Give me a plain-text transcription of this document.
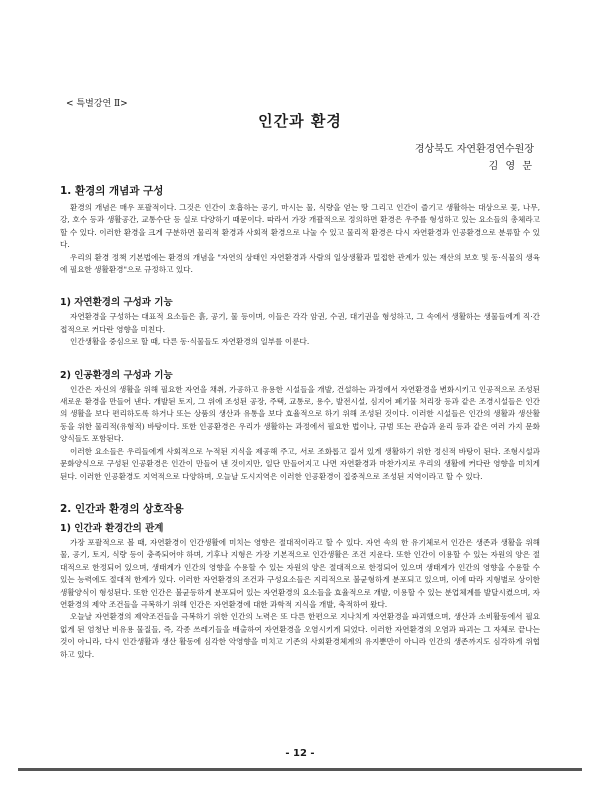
< 특별강연 Ⅱ>
인간과 환경
경상북도 자연환경연수원장
김 영 문
1. 환경의 개념과 구성

환경의 개념은 매우 포괄적이다. 그것은 인간이 호흡하는 공기, 마시는 물, 식량을 얻는 땅 그리고 인간이 즐기고 생활하는 대상으로 꽃, 나무, 강, 호수 등과 생활공간, 교통수단 등 실로 다양하기 때문이다. 따라서 가장 개괄적으로 정의하면 환경은 우주를 형성하고 있는 요소들의 총체라고 할 수 있다. 이러한 환경을 크게 구분하면 물리적 환경과 사회적 환경으로 나눌 수 있고 물리적 환경은 다시 자연환경과 인공환경으로 분류할 수 있다.

우리의 환경 정책 기본법에는 환경의 개념을 "자연의 상태인 자연환경과 사람의 일상생활과 밀접한 관계가 있는 재산의 보호 및 동·식물의 생육에 필요한 생활환경"으로 규정하고 있다.

1) 자연환경의 구성과 기능

자연환경을 구성하는 대표적 요소들은 흙, 공기, 물 등이며, 이들은 각각 암권, 수권, 대기권을 형성하고, 그 속에서 생활하는 생물들에게 직·간접적으로 커다란 영향을 미친다.

인간생활을 중심으로 할 때, 다른 동·식물들도 자연환경의 일부를 이룬다.

2) 인공환경의 구성과 기능

인간은 자신의 생활을 위해 필요한 자연을 채취, 가공하고 유용한 시설들을 개발, 건설하는 과정에서 자연환경을 변화시키고 인공적으로 조성된 새로운 환경을 만들어 낸다. 개발된 토지, 그 위에 조성된 공장, 주택, 교통로, 용수, 발전시설, 심지어 폐기물 처리장 등과 같은 조경시설들은 인간의 생활을 보다 편리하도록 하거나 또는 상품의 생산과 유통을 보다 효율적으로 하기 위해 조성된 것이다. 이러한 시설들은 인간의 생활과 생산활동을 위한 물리적(유형적) 바탕이다. 또한 인공환경은 우리가 생활하는 과정에서 필요한 법이나, 규범 또는 관습과 윤리 등과 같은 여러 가지 문화양식들도 포함된다.

이러한 요소들은 우리들에게 사회적으로 누적된 지식을 제공해 주고, 서로 조화롭고 질서 있게 생활하기 위한 정신적 바탕이 된다. 조형시설과 문화양식으로 구성된 인공환경은 인간이 만들어 낸 것이지만, 일단 만들어지고 나면 자연환경과 마찬가지로 우리의 생활에 커다란 영향을 미치게 된다. 이러한 인공환경도 지역적으로 다양하며, 오늘날 도시지역은 이러한 인공환경이 집중적으로 조성된 지역이라고 할 수 있다.

2. 인간과 환경의 상호작용
1) 인간과 환경간의 관계

가장 포괄적으로 볼 때, 자연환경이 인간생활에 미치는 영향은 절대적이라고 할 수 있다. 자연 속의 한 유기체로서 인간은 생존과 생활을 위해 물, 공기, 토지, 식량 등이 충족되어야 하며, 기후나 지형은 가장 기본적으로 인간생활은 조건 지운다. 또한 인간이 이용할 수 있는 자원의 양은 절대적으로 한정되어 있으며, 생태계가 인간의 영향을 수용할 수 있는 자원의 양은 절대적으로 한정되어 있으며 생태계가 인간의 영향을 수용할 수 있는 능력에도 절대적 한계가 있다. 이러한 자연환경의 조건과 구성요소들은 지리적으로 불균형하게 분포되고 있으며, 이에 따라 지형별로 상이한 생활양식이 형성된다. 또한 인간은 불균등하게 분포되어 있는 자연환경의 요소들을 효율적으로 개발, 이용할 수 있는 분업체계를 발달시켰으며, 자연환경의 제약 조건들을 극복하기 위해 인간은 자연환경에 대한 과학적 지식을 개발, 축적하여 왔다.

오늘날 자연환경의 제약조건들을 극복하기 위한 인간의 노력은 또 다른 한편으로 지나치게 자연환경을 파괴했으며, 생산과 소비활동에서 필요 없게 된 엄청난 비유용 물질들, 즉, 각종 쓰레기들을 배출하여 자연환경을 오염시키게 되었다. 이러한 자연환경의 오염과 파괴는 그 자체로 끝나는 것이 아니라, 다시 인간생활과 생산 활동에 심각한 악영향을 미치고 기존의 사회환경체계의 유지뿐만이 아니라 인간의 생존까지도 심각하게 위협하고 있다.

- 12 -
